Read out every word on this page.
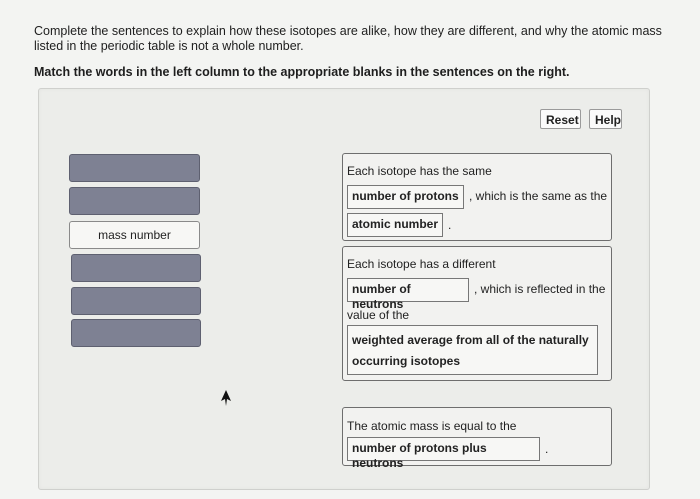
Complete the sentences to explain how these isotopes are alike, how they are different, and why the atomic mass listed in the periodic table is not a whole number.
Match the words in the left column to the appropriate blanks in the sentences on the right.
Reset	Help
mass number
Each isotope has the same
number of protons , which is the same as the
atomic number .
Each isotope has a different
number of neutrons
, which is reflected in the
value of the
weighted average from all of the naturally occurring isotopes
The atomic mass is equal to the
number of protons plus neutrons
.
